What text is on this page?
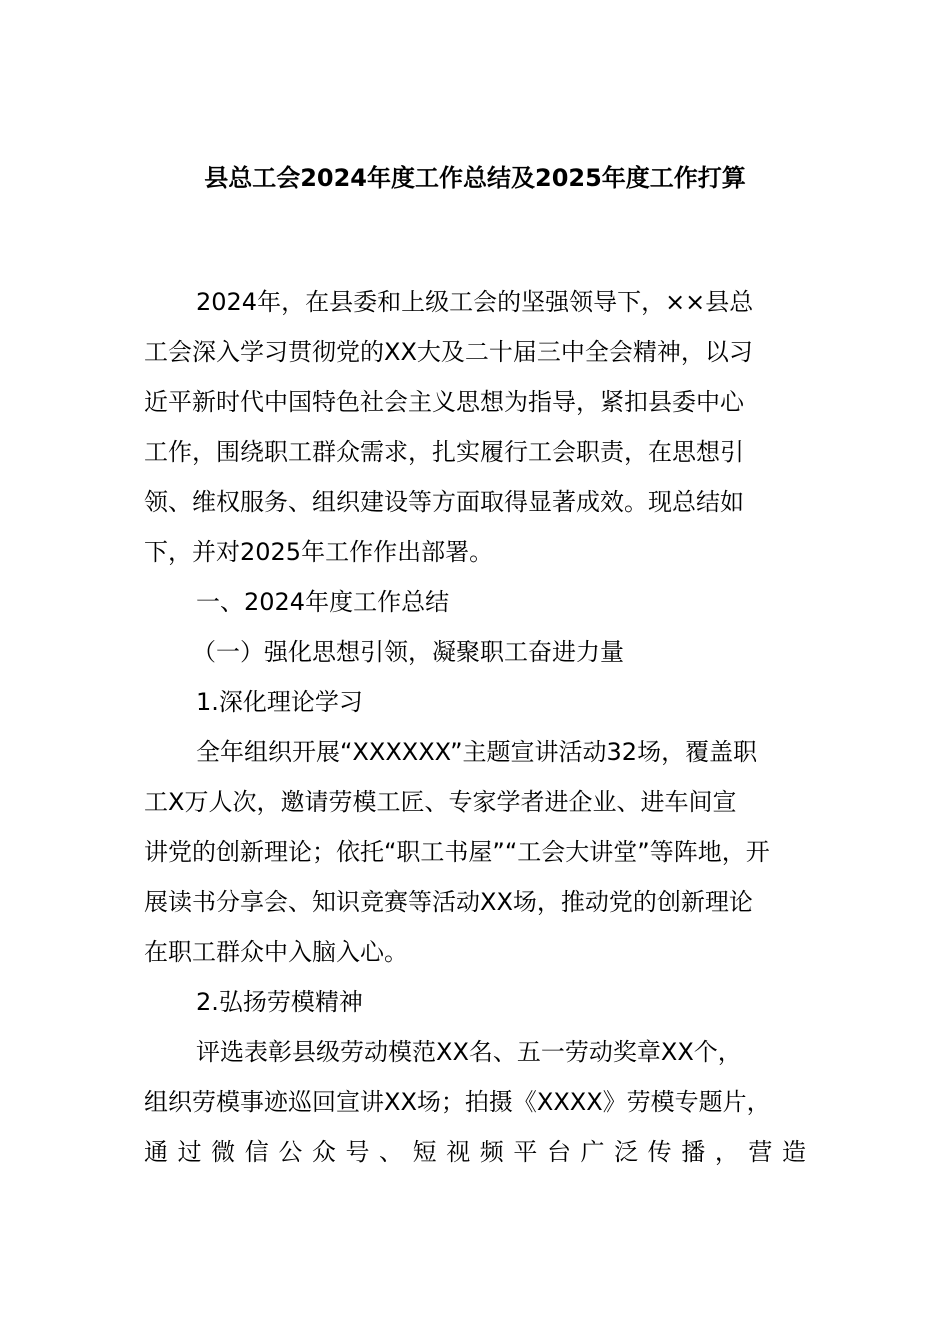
县总工会2024年度工作总结及2025年度工作打算
2024年，在县委和上级工会的坚强领导下，××县总
工会深入学习贯彻党的XX大及二十届三中全会精神，以习
近平新时代中国特色社会主义思想为指导，紧扣县委中心
工作，围绕职工群众需求，扎实履行工会职责，在思想引
领、维权服务、组织建设等方面取得显著成效。现总结如
下，并对2025年工作作出部署。
一、2024年度工作总结
（一）强化思想引领，凝聚职工奋进力量
1.深化理论学习
全年组织开展“XXXXXX”主题宣讲活动32场，覆盖职
工X万人次，邀请劳模工匠、专家学者进企业、进车间宣
讲党的创新理论；依托“职工书屋”“工会大讲堂”等阵地，开
展读书分享会、知识竞赛等活动XX场，推动党的创新理论
在职工群众中入脑入心。
2.弘扬劳模精神
评选表彰县级劳动模范XX名、五一劳动奖章XX个，
组织劳模事迹巡回宣讲XX场；拍摄《XXXX》劳模专题片，
通 过 微 信 公 众 号 、 短 视 频 平 台 广 泛 传 播 ， 营 造
